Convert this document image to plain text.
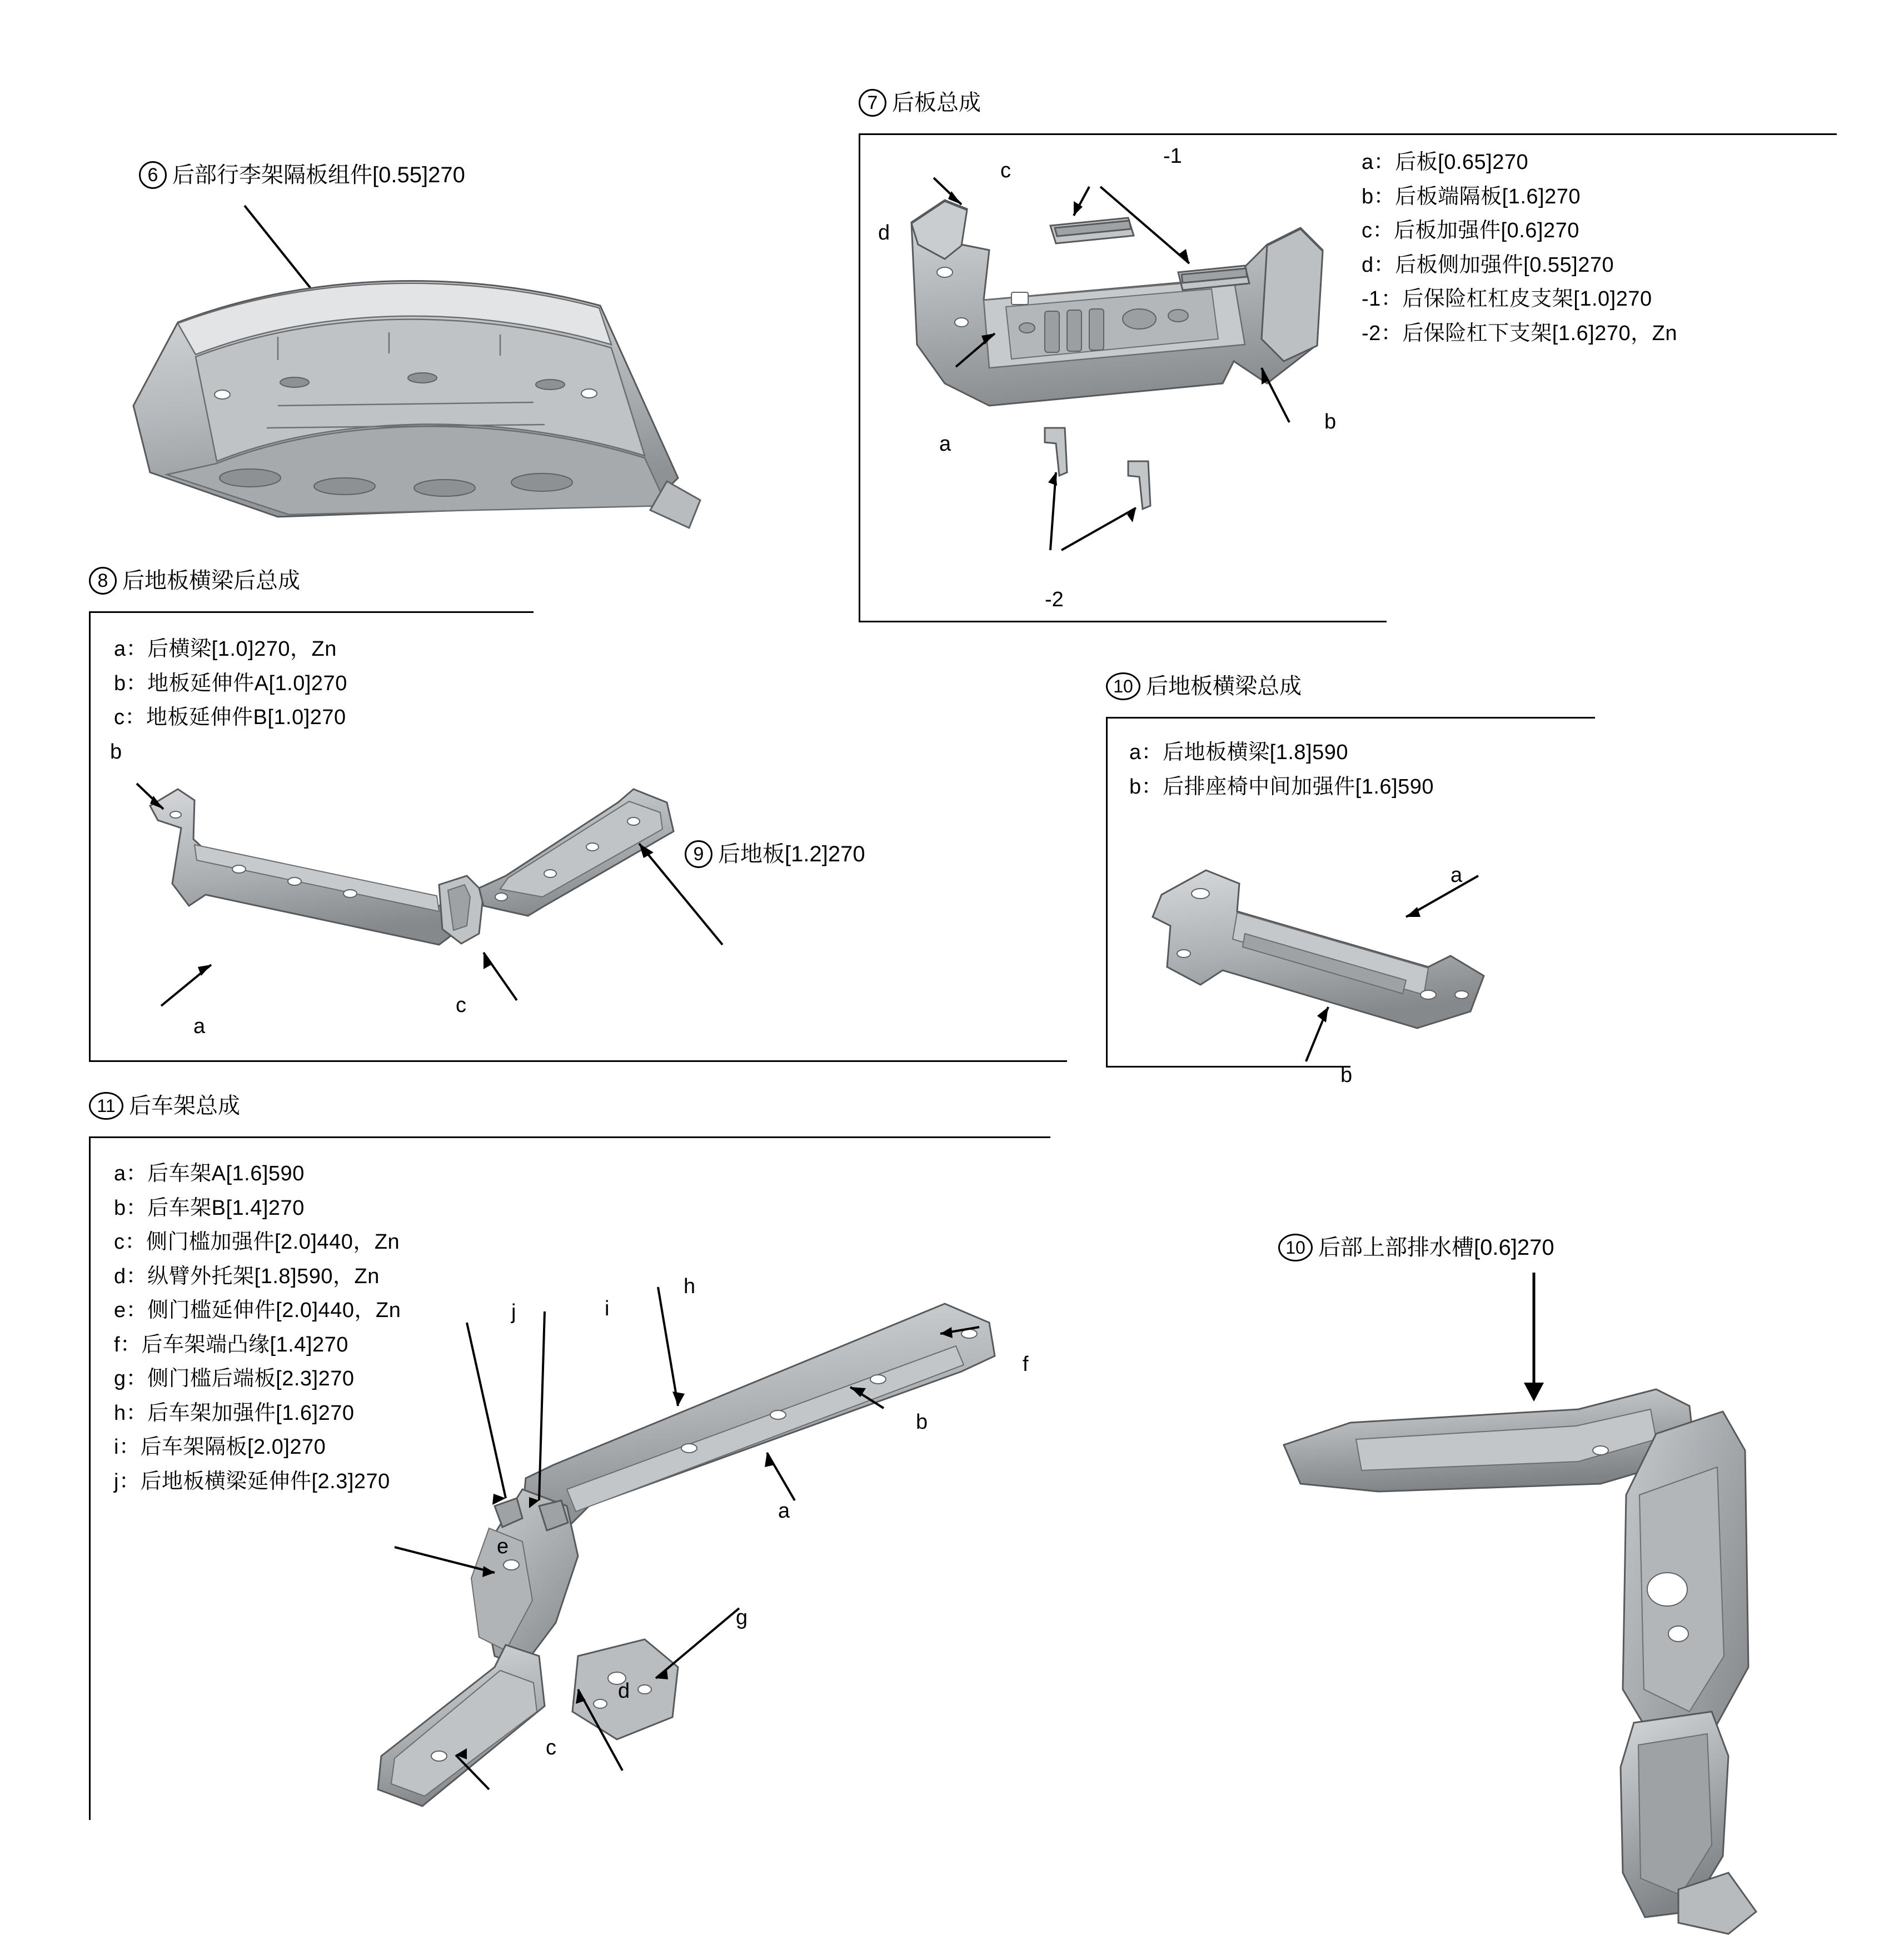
6 后部行李架隔板组件[0.55]270
7 后板总成
a：后板[0.65]270
b：后板端隔板[1.6]270
c：后板加强件[0.6]270
d：后板侧加强件[0.55]270
-1：后保险杠杠皮支架[1.0]270
-2：后保险杠下支架[1.6]270，Zn
c
-1
d
a
b
-2
8 后地板横梁后总成
a：后横梁[1.0]270，Zn
b：地板延伸件A[1.0]270
c：地板延伸件B[1.0]270
b
a
c
9 后地板[1.2]270
10 后地板横梁总成
a：后地板横梁[1.8]590
b：后排座椅中间加强件[1.6]590
a
b
11 后车架总成
a：后车架A[1.6]590
b：后车架B[1.4]270
c：侧门槛加强件[2.0]440，Zn
d：纵臂外托架[1.8]590，Zn
e：侧门槛延伸件[2.0]440，Zn
f：后车架端凸缘[1.4]270
g：侧门槛后端板[2.3]270
h：后车架加强件[1.6]270
i：后车架隔板[2.0]270
j：后地板横梁延伸件[2.3]270
h
i
j
f
b
a
e
g
d
c
10 后部上部排水槽[0.6]270
